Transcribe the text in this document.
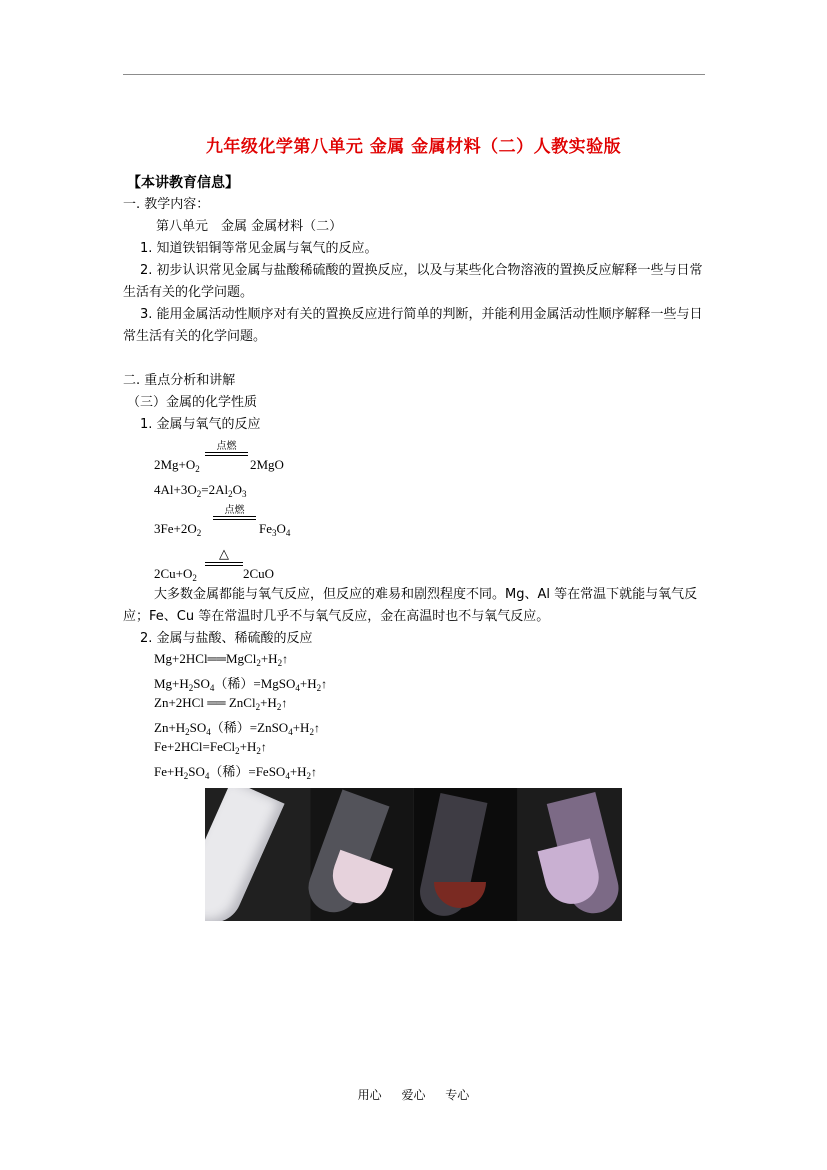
九年级化学第八单元 金属 金属材料（二）人教实验版
【本讲教育信息】
一. 教学内容：
第八单元　金属 金属材料（二）
1. 知道铁铝铜等常见金属与氧气的反应。
2. 初步认识常见金属与盐酸稀硫酸的置换反应，以及与某些化合物溶液的置换反应解释一些与日常生活有关的化学问题。
3. 能用金属活动性顺序对有关的置换反应进行简单的判断，并能利用金属活动性顺序解释一些与日常生活有关的化学问题。
二. 重点分析和讲解
（三）金属的化学性质
1. 金属与氧气的反应
$2Mg+O_2$
点燃
2MgO
$4Al+3O_2=2Al_2O_3$
$3Fe+2O_2$
点燃
$Fe_3O_4$
$2Cu+O_2$
△
2CuO
大多数金属都能与氧气反应，但反应的难易和剧烈程度不同。Mg、Al 等在常温下就能与氧气反应；Fe、Cu 等在常温时几乎不与氧气反应，金在高温时也不与氧气反应。
2. 金属与盐酸、稀硫酸的反应
$Mg+2HCl══MgCl_2+H_2↑$
$Mg+H_2SO_4$（稀）$=MgSO_4+H_2↑$
Zn+2HCl ══ $ZnCl_2+H_2↑$
$Zn+H_2SO_4$（稀）$=ZnSO_4+H_2↑$
$Fe+2HCl=FeCl_2+H_2↑$
$Fe+H_2SO_4$（稀）$=FeSO_4+H_2↑$
用心 爱心 专心
